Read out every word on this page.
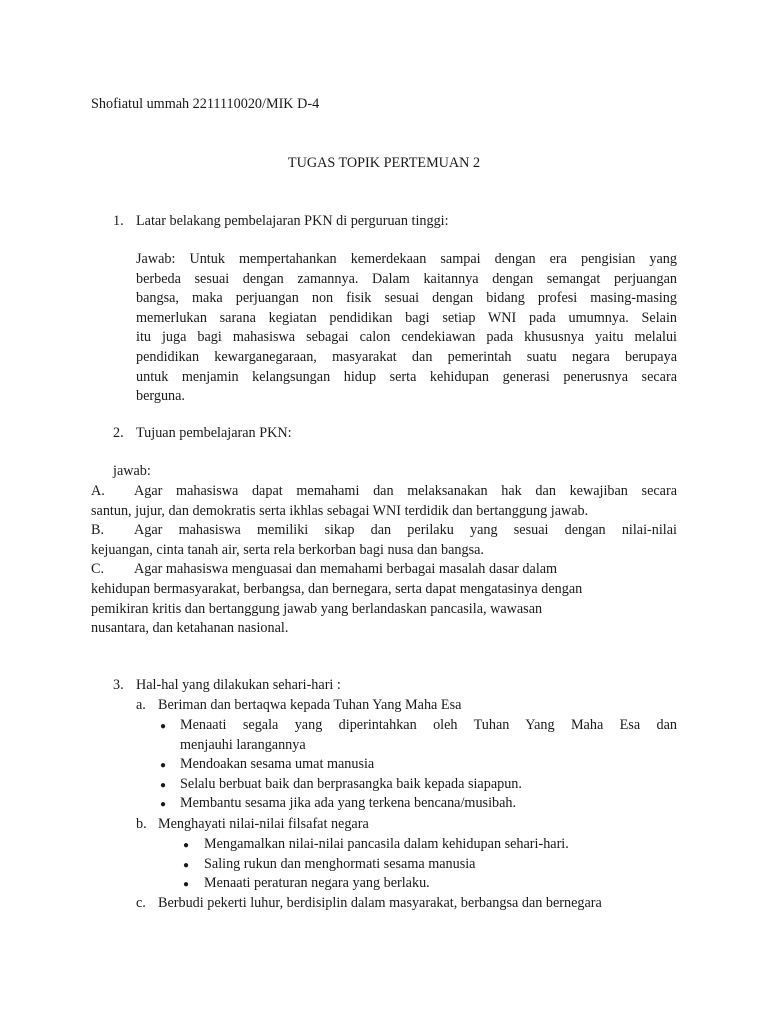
Shofiatul ummah 2211110020/MIK D-4
TUGAS TOPIK PERTEMUAN 2
1. Latar belakang pembelajaran PKN di perguruan tinggi:
Jawab: Untuk mempertahankan kemerdekaan sampai dengan era pengisian yang
berbeda sesuai dengan zamannya. Dalam kaitannya dengan semangat perjuangan
bangsa, maka perjuangan non fisik sesuai dengan bidang profesi masing-masing
memerlukan sarana kegiatan pendidikan bagi setiap WNI pada umumnya. Selain
itu juga bagi mahasiswa sebagai calon cendekiawan pada khususnya yaitu melalui
pendidikan kewarganegaraan, masyarakat dan pemerintah suatu negara berupaya
untuk menjamin kelangsungan hidup serta kehidupan generasi penerusnya secara
berguna.
2. Tujuan pembelajaran PKN:
jawab:
A. Agar mahasiswa dapat memahami dan melaksanakan hak dan kewajiban secara
santun, jujur, dan demokratis serta ikhlas sebagai WNI terdidik dan bertanggung jawab.
B. Agar mahasiswa memiliki sikap dan perilaku yang sesuai dengan nilai-nilai
kejuangan, cinta tanah air, serta rela berkorban bagi nusa dan bangsa.
C. Agar mahasiswa menguasai dan memahami berbagai masalah dasar dalam
kehidupan bermasyarakat, berbangsa, dan bernegara, serta dapat mengatasinya dengan
pemikiran kritis dan bertanggung jawab yang berlandaskan pancasila, wawasan
nusantara, dan ketahanan nasional.
3. Hal-hal yang dilakukan sehari-hari :
a. Beriman dan bertaqwa kepada Tuhan Yang Maha Esa
● Menaati segala yang diperintahkan oleh Tuhan Yang Maha Esa dan
menjauhi larangannya
● Mendoakan sesama umat manusia
● Selalu berbuat baik dan berprasangka baik kepada siapapun.
● Membantu sesama jika ada yang terkena bencana/musibah.
b. Menghayati nilai-nilai filsafat negara
● Mengamalkan nilai-nilai pancasila dalam kehidupan sehari-hari.
● Saling rukun dan menghormati sesama manusia
● Menaati peraturan negara yang berlaku.
c. Berbudi pekerti luhur, berdisiplin dalam masyarakat, berbangsa dan bernegara
